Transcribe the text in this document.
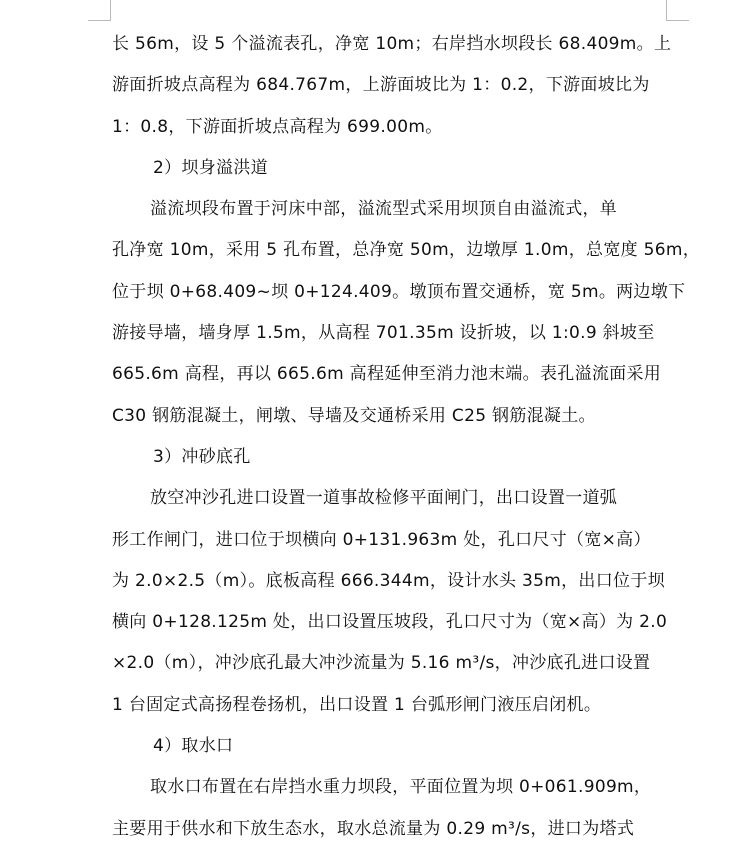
长 56m，设 5 个溢流表孔，净宽 10m；右岸挡水坝段长 68.409m。上
游面折坡点高程为 684.767m，上游面坡比为 1：0.2，下游面坡比为
1：0.8，下游面折坡点高程为 699.00m。
2）坝身溢洪道
溢流坝段布置于河床中部，溢流型式采用坝顶自由溢流式，单
孔净宽 10m，采用 5 孔布置，总净宽 50m，边墩厚 1.0m，总宽度 56m，
位于坝 0+68.409~坝 0+124.409。墩顶布置交通桥，宽 5m。两边墩下
游接导墙，墙身厚 1.5m，从高程 701.35m 设折坡，以 1:0.9 斜坡至
665.6m 高程，再以 665.6m 高程延伸至消力池末端。表孔溢流面采用
C30 钢筋混凝土，闸墩、导墙及交通桥采用 C25 钢筋混凝土。
3）冲砂底孔
放空冲沙孔进口设置一道事故检修平面闸门，出口设置一道弧
形工作闸门，进口位于坝横向 0+131.963m 处，孔口尺寸（宽×高）
为 2.0×2.5（m）。底板高程 666.344m，设计水头 35m，出口位于坝
横向 0+128.125m 处，出口设置压坡段，孔口尺寸为（宽×高）为 2.0
×2.0（m），冲沙底孔最大冲沙流量为 5.16 m³/s，冲沙底孔进口设置
1 台固定式高扬程卷扬机，出口设置 1 台弧形闸门液压启闭机。
4）取水口
取水口布置在右岸挡水重力坝段，平面位置为坝 0+061.909m，
主要用于供水和下放生态水，取水总流量为 0.29 m³/s，进口为塔式
